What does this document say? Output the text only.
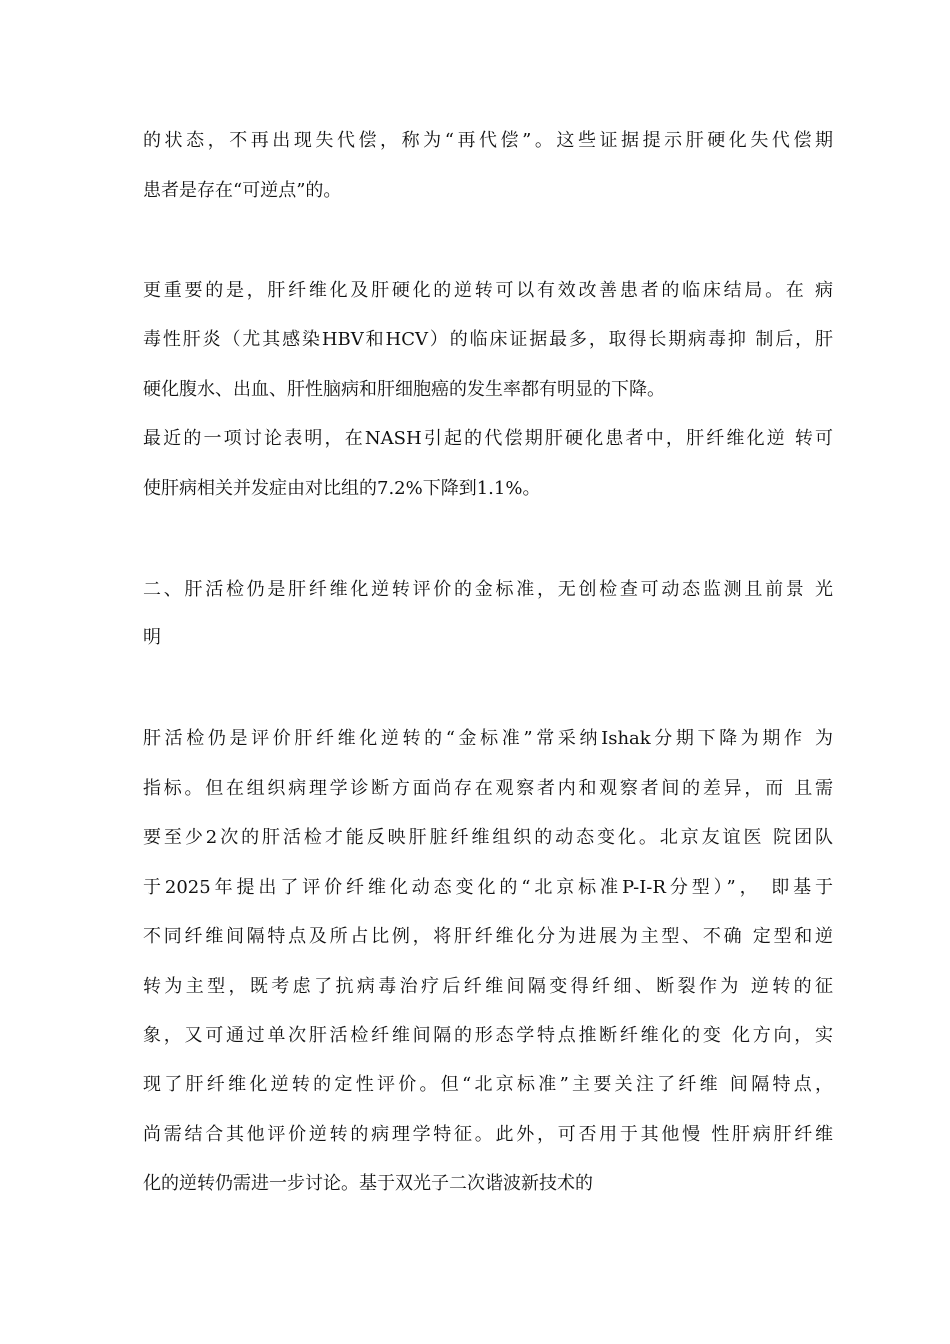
的状态，不再出现失代偿，称为“再代偿”。这些证据提示肝硬化失代偿期
患者是存在“可逆点”的。
更重要的是，肝纤维化及肝硬化的逆转可以有效改善患者的临床结局。在 病
毒性肝炎（尤其感染HBV和HCV）的临床证据最多，取得长期病毒抑 制后，肝
硬化腹水、出血、肝性脑病和肝细胞癌的发生率都有明显的下降。
最近的一项讨论表明，在NASH引起的代偿期肝硬化患者中，肝纤维化逆 转可
使肝病相关并发症由对比组的7.2%下降到1.1%。
二、肝活检仍是肝纤维化逆转评价的金标准，无创检查可动态监测且前景 光
明
肝活检仍是评价肝纤维化逆转的“金标准”常采纳Ishak分期下降为期作 为
指标。但在组织病理学诊断方面尚存在观察者内和观察者间的差异，而 且需
要至少2次的肝活检才能反映肝脏纤维组织的动态变化。北京友谊医 院团队
于2025年提出了评价纤维化动态变化的“北京标准P-I-R分型）”， 即基于
不同纤维间隔特点及所占比例，将肝纤维化分为进展为主型、不确 定型和逆
转为主型，既考虑了抗病毒治疗后纤维间隔变得纤细、断裂作为 逆转的征
象，又可通过单次肝活检纤维间隔的形态学特点推断纤维化的变 化方向，实
现了肝纤维化逆转的定性评价。但“北京标准”主要关注了纤维 间隔特点，
尚需结合其他评价逆转的病理学特征。此外，可否用于其他慢 性肝病肝纤维
化的逆转仍需进一步讨论。基于双光子二次谐波新技术的
